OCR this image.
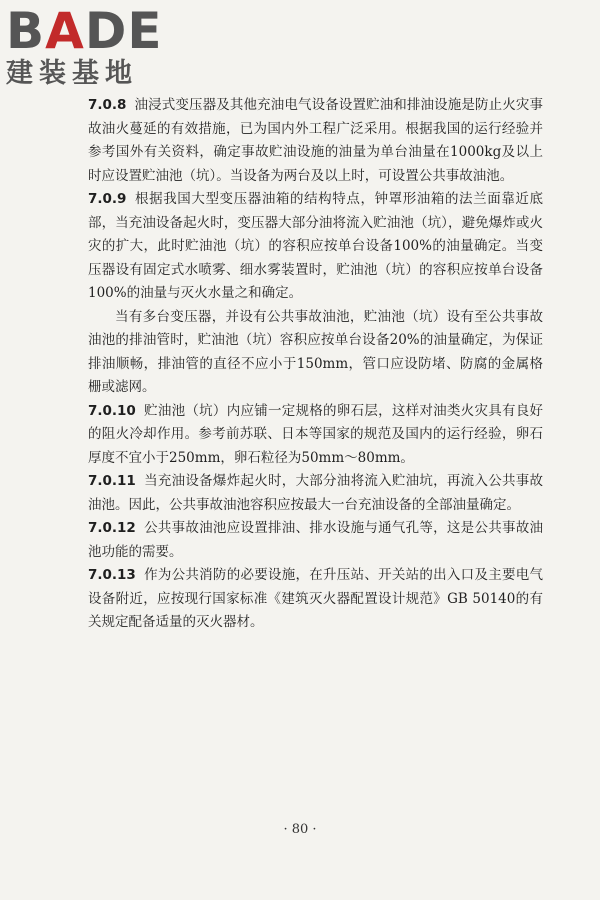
BADE
建装基地

7.0.8 油浸式变压器及其他充油电气设备设置贮油和排油设施是防止火灾事故油火蔓延的有效措施，已为国内外工程广泛采用。根据我国的运行经验并参考国外有关资料，确定事故贮油设施的油量为单台油量在1000kg及以上时应设置贮油池（坑）。当设备为两台及以上时，可设置公共事故油池。

7.0.9 根据我国大型变压器油箱的结构特点，钟罩形油箱的法兰面靠近底部，当充油设备起火时，变压器大部分油将流入贮油池（坑），避免爆炸或火灾的扩大，此时贮油池（坑）的容积应按单台设备100%的油量确定。当变压器设有固定式水喷雾、细水雾装置时，贮油池（坑）的容积应按单台设备100%的油量与灭火水量之和确定。

当有多台变压器，并设有公共事故油池，贮油池（坑）设有至公共事故油池的排油管时，贮油池（坑）容积应按单台设备20%的油量确定，为保证排油顺畅，排油管的直径不应小于150mm，管口应设防堵、防腐的金属格栅或滤网。

7.0.10 贮油池（坑）内应铺一定规格的卵石层，这样对油类火灾具有良好的阻火冷却作用。参考前苏联、日本等国家的规范及国内的运行经验，卵石厚度不宜小于250mm，卵石粒径为50mm～80mm。

7.0.11 当充油设备爆炸起火时，大部分油将流入贮油坑，再流入公共事故油池。因此，公共事故油池容积应按最大一台充油设备的全部油量确定。

7.0.12 公共事故油池应设置排油、排水设施与通气孔等，这是公共事故油池功能的需要。

7.0.13 作为公共消防的必要设施，在升压站、开关站的出入口及主要电气设备附近，应按现行国家标准《建筑灭火器配置设计规范》GB 50140的有关规定配备适量的灭火器材。

· 80 ·
